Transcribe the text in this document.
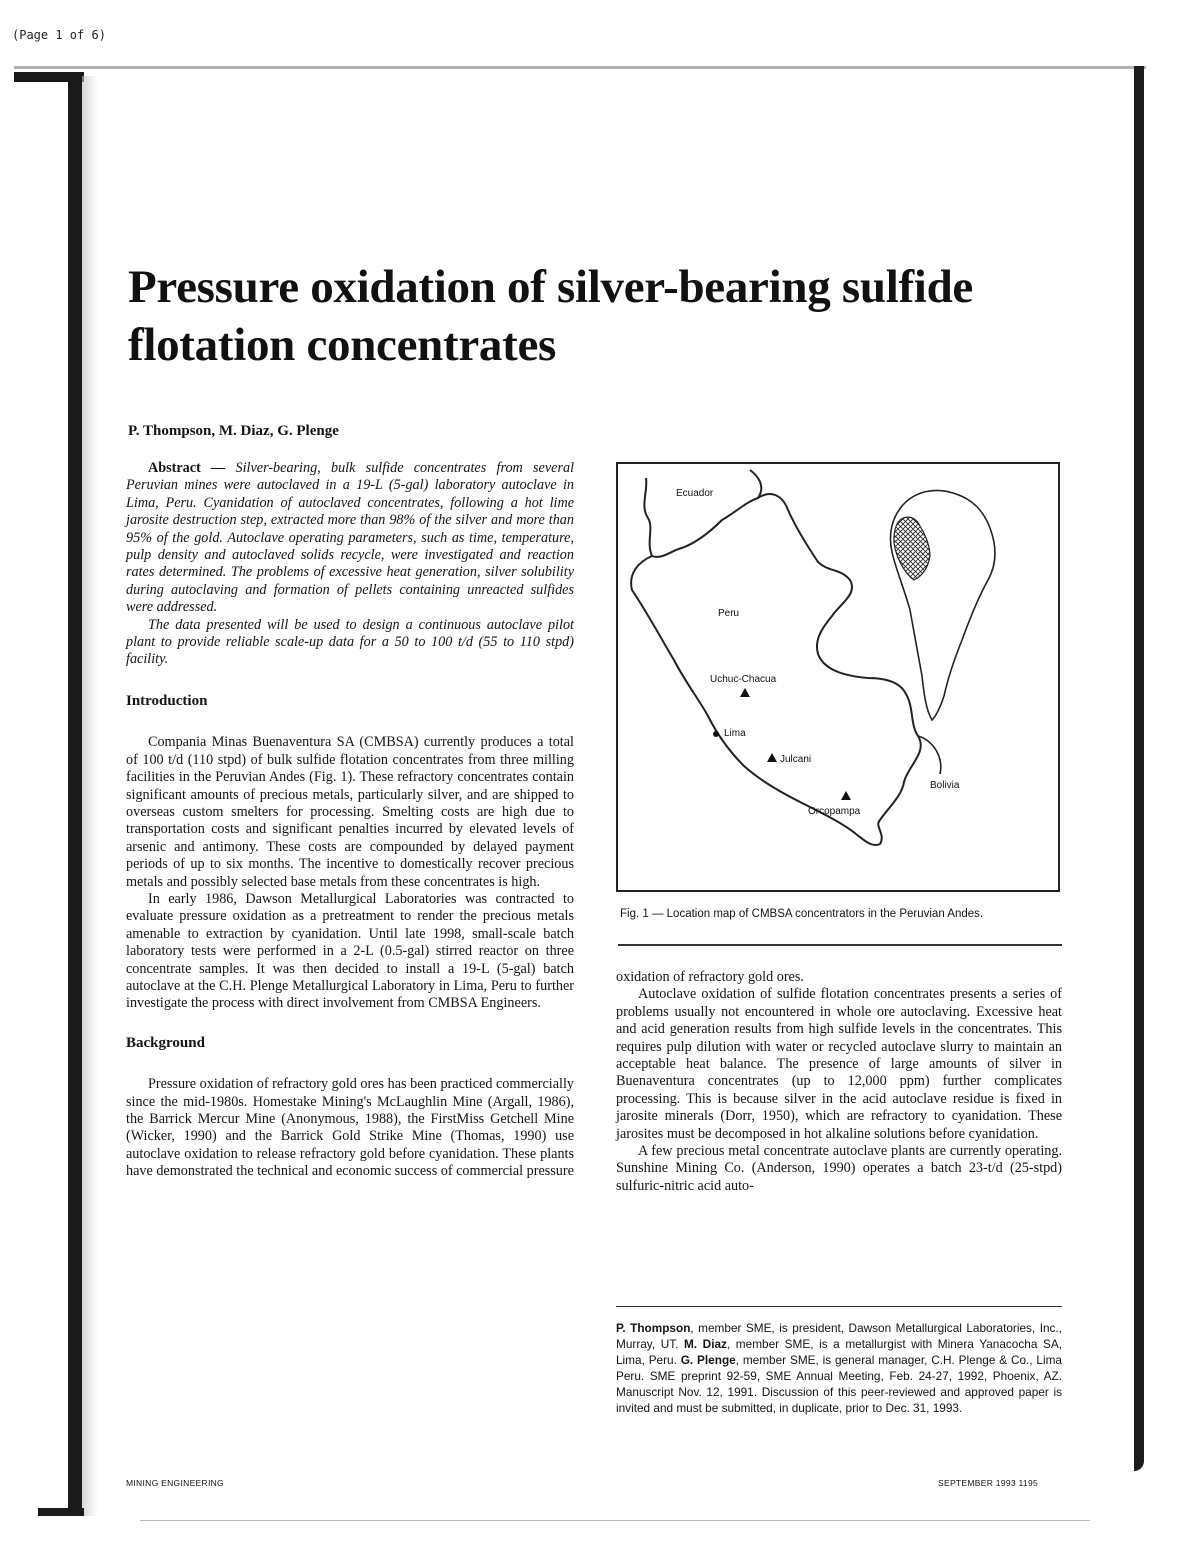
(Page 1 of 6)
Pressure oxidation of silver-bearing sulfide flotation concentrates
P. Thompson, M. Diaz, G. Plenge

Abstract — Silver-bearing, bulk sulfide concentrates from several Peruvian mines were autoclaved in a 19-L (5-gal) laboratory autoclave in Lima, Peru. Cyanidation of autoclaved concentrates, following a hot lime jarosite destruction step, extracted more than 98% of the silver and more than 95% of the gold. Autoclave operating parameters, such as time, temperature, pulp density and autoclaved solids recycle, were investigated and reaction rates determined. The problems of excessive heat generation, silver solubility during autoclaving and formation of pellets containing unreacted sulfides were addressed.

The data presented will be used to design a continuous autoclave pilot plant to provide reliable scale-up data for a 50 to 100 t/d (55 to 110 stpd) facility.

Introduction

Compania Minas Buenaventura SA (CMBSA) currently produces a total of 100 t/d (110 stpd) of bulk sulfide flotation concentrates from three milling facilities in the Peruvian Andes (Fig. 1). These refractory concentrates contain significant amounts of precious metals, particularly silver, and are shipped to overseas custom smelters for processing. Smelting costs are high due to transportation costs and significant penalties incurred by elevated levels of arsenic and antimony. These costs are compounded by delayed payment periods of up to six months. The incentive to domestically recover precious metals and possibly selected base metals from these concentrates is high.

In early 1986, Dawson Metallurgical Laboratories was contracted to evaluate pressure oxidation as a pretreatment to render the precious metals amenable to extraction by cyanidation. Until late 1998, small-scale batch laboratory tests were performed in a 2-L (0.5-gal) stirred reactor on three concentrate samples. It was then decided to install a 19-L (5-gal) batch autoclave at the C.H. Plenge Metallurgical Laboratory in Lima, Peru to further investigate the process with direct involvement from CMBSA Engineers.

Background

Pressure oxidation of refractory gold ores has been practiced commercially since the mid-1980s. Homestake Mining's McLaughlin Mine (Argall, 1986), the Barrick Mercur Mine (Anonymous, 1988), the FirstMiss Getchell Mine (Wicker, 1990) and the Barrick Gold Strike Mine (Thomas, 1990) use autoclave oxidation to release refractory gold before cyanidation. These plants have demonstrated the technical and economic success of commercial pressure

Ecuador
Peru
Uchuc-Chacua
Lima
Julcani
Bolivia
Orcopampa
Fig. 1 — Location map of CMBSA concentrators in the Peruvian Andes.

oxidation of refractory gold ores.

Autoclave oxidation of sulfide flotation concentrates presents a series of problems usually not encountered in whole ore autoclaving. Excessive heat and acid generation results from high sulfide levels in the concentrates. This requires pulp dilution with water or recycled autoclave slurry to maintain an acceptable heat balance. The presence of large amounts of silver in Buenaventura concentrates (up to 12,000 ppm) further complicates processing. This is because silver in the acid autoclave residue is fixed in jarosite minerals (Dorr, 1950), which are refractory to cyanidation. These jarosites must be decomposed in hot alkaline solutions before cyanidation.

A few precious metal concentrate autoclave plants are currently operating. Sunshine Mining Co. (Anderson, 1990) operates a batch 23-t/d (25-stpd) sulfuric-nitric acid auto-

P. Thompson, member SME, is president, Dawson Metallurgical Laboratories, Inc., Murray, UT. M. Diaz, member SME, is a metallurgist with Minera Yanacocha SA, Lima, Peru. G. Plenge, member SME, is general manager, C.H. Plenge & Co., Lima Peru. SME preprint 92-59, SME Annual Meeting, Feb. 24-27, 1992, Phoenix, AZ. Manuscript Nov. 12, 1991. Discussion of this peer-reviewed and approved paper is invited and must be submitted, in duplicate, prior to Dec. 31, 1993.
MINING ENGINEERING	SEPTEMBER 1993 1195
